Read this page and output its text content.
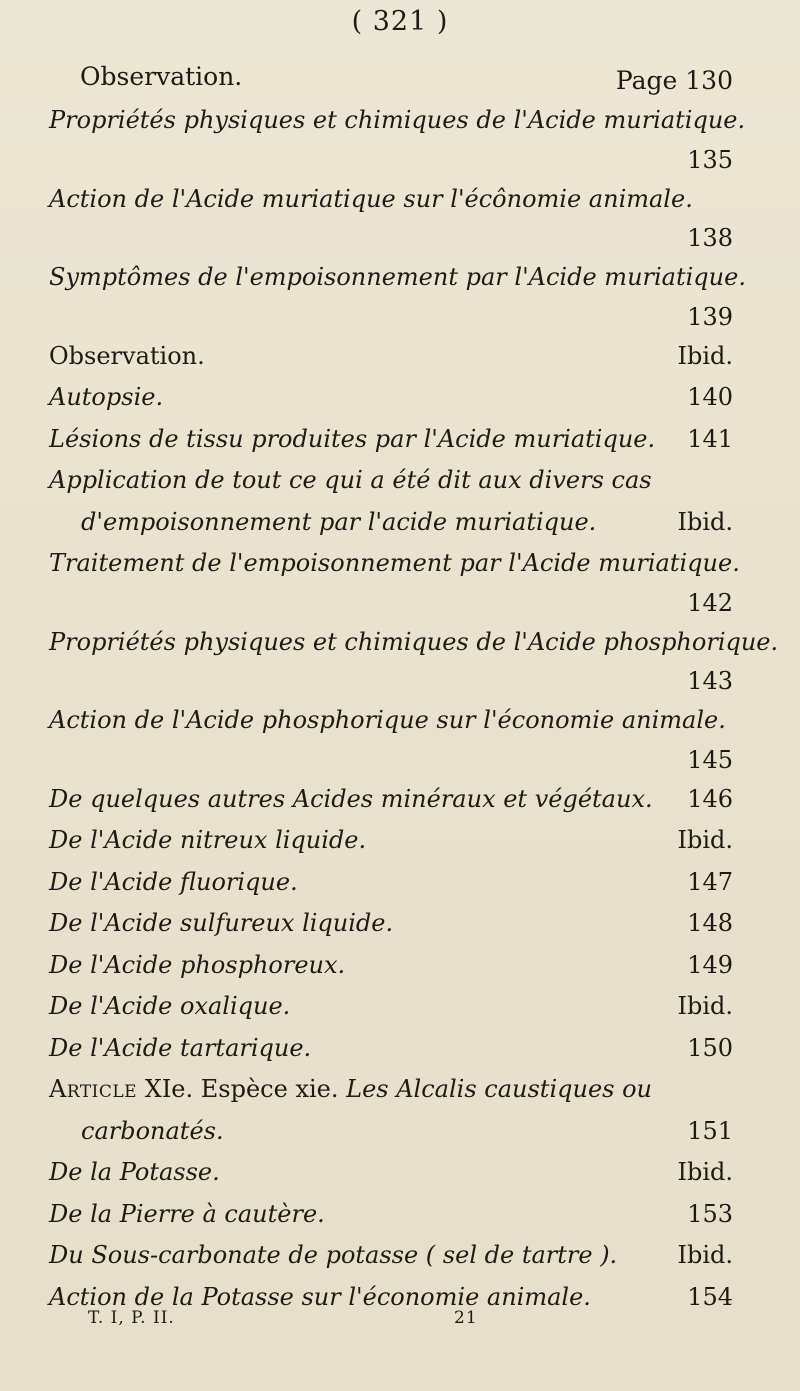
( 321 )
Observation.	Page 130
Propriétés physiques et chimiques de l'Acide muriatique.
135
Action de l'Acide muriatique sur l'écônomie animale.
138
Symptômes de l'empoisonnement par l'Acide muriatique.
139
Observation.	Ibid.
Autopsie.	140
Lésions de tissu produites par l'Acide muriatique.	141
Application de tout ce qui a été dit aux divers cas
d'empoisonnement par l'acide muriatique.	Ibid.
Traitement de l'empoisonnement par l'Acide muriatique.
142
Propriétés physiques et chimiques de l'Acide phosphorique.
143
Action de l'Acide phosphorique sur l'économie animale.
145
De quelques autres Acides minéraux et végétaux.	146
De l'Acide nitreux liquide.	Ibid.
De l'Acide fluorique.	147
De l'Acide sulfureux liquide.	148
De l'Acide phosphoreux.	149
De l'Acide oxalique.	Ibid.
De l'Acide tartarique.	150
Article XIe. Espèce xie. Les Alcalis caustiques ou
carbonatés.	151
De la Potasse.	Ibid.
De la Pierre à cautère.	153
Du Sous-carbonate de potasse ( sel de tartre ).	Ibid.
Action de la Potasse sur l'économie animale.	154
T. I, P. II.	21
